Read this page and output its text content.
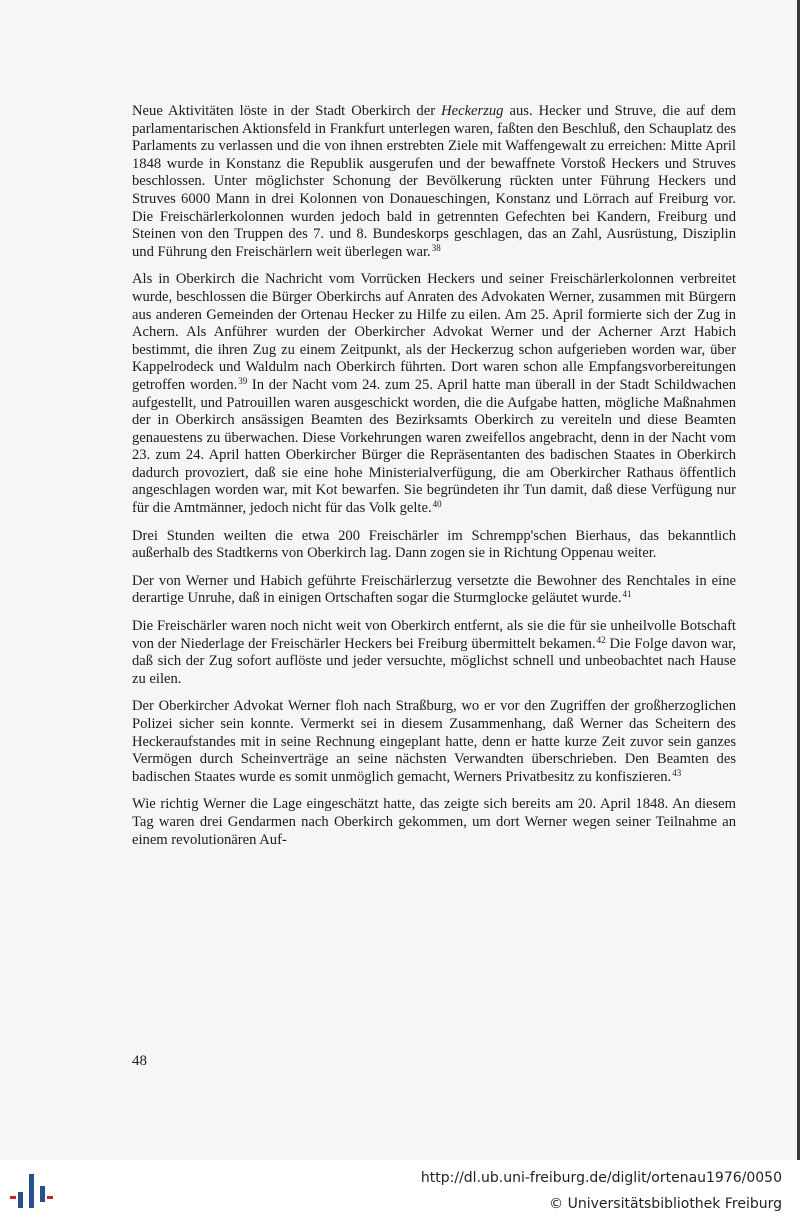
Neue Aktivitäten löste in der Stadt Oberkirch der Heckerzug aus. Hecker und Struve, die auf dem parlamentarischen Aktionsfeld in Frankfurt unterlegen waren, faßten den Beschluß, den Schauplatz des Parlaments zu verlassen und die von ihnen erstrebten Ziele mit Waffengewalt zu erreichen: Mitte April 1848 wurde in Konstanz die Republik ausgerufen und der bewaffnete Vorstoß Heckers und Struves beschlossen. Unter möglichster Schonung der Bevölkerung rückten unter Führung Heckers und Struves 6000 Mann in drei Kolonnen von Donaueschingen, Konstanz und Lörrach auf Freiburg vor. Die Freischärlerkolonnen wurden jedoch bald in getrennten Gefechten bei Kandern, Freiburg und Steinen von den Truppen des 7. und 8. Bundeskorps geschlagen, das an Zahl, Ausrüstung, Disziplin und Führung den Freischärlern weit überlegen war.$^{38}$

Als in Oberkirch die Nachricht vom Vorrücken Heckers und seiner Freischärlerkolonnen verbreitet wurde, beschlossen die Bürger Oberkirchs auf Anraten des Advokaten Werner, zusammen mit Bürgern aus anderen Gemeinden der Ortenau Hecker zu Hilfe zu eilen. Am 25. April formierte sich der Zug in Achern. Als Anführer wurden der Oberkircher Advokat Werner und der Acherner Arzt Habich bestimmt, die ihren Zug zu einem Zeitpunkt, als der Heckerzug schon aufgerieben worden war, über Kappelrodeck und Waldulm nach Oberkirch führten. Dort waren schon alle Empfangsvorbereitungen getroffen worden.$^{39}$ In der Nacht vom 24. zum 25. April hatte man überall in der Stadt Schildwachen aufgestellt, und Patrouillen waren ausgeschickt worden, die die Aufgabe hatten, mögliche Maßnahmen der in Oberkirch ansässigen Beamten des Bezirksamts Oberkirch zu vereiteln und diese Beamten genauestens zu überwachen. Diese Vorkehrungen waren zweifellos angebracht, denn in der Nacht vom 23. zum 24. April hatten Oberkircher Bürger die Repräsentanten des badischen Staates in Oberkirch dadurch provoziert, daß sie eine hohe Ministerialverfügung, die am Oberkircher Rathaus öffentlich angeschlagen worden war, mit Kot bewarfen. Sie begründeten ihr Tun damit, daß diese Verfügung nur für die Amtmänner, jedoch nicht für das Volk gelte.$^{40}$

Drei Stunden weilten die etwa 200 Freischärler im Schrempp'schen Bierhaus, das bekanntlich außerhalb des Stadtkerns von Oberkirch lag. Dann zogen sie in Richtung Oppenau weiter.

Der von Werner und Habich geführte Freischärlerzug versetzte die Bewohner des Renchtales in eine derartige Unruhe, daß in einigen Ortschaften sogar die Sturmglocke geläutet wurde.$^{41}$

Die Freischärler waren noch nicht weit von Oberkirch entfernt, als sie die für sie unheilvolle Botschaft von der Niederlage der Freischärler Heckers bei Freiburg übermittelt bekamen.$^{42}$ Die Folge davon war, daß sich der Zug sofort auflöste und jeder versuchte, möglichst schnell und unbeobachtet nach Hause zu eilen.

Der Oberkircher Advokat Werner floh nach Straßburg, wo er vor den Zugriffen der großherzoglichen Polizei sicher sein konnte. Vermerkt sei in diesem Zusammenhang, daß Werner das Scheitern des Heckeraufstandes mit in seine Rechnung eingeplant hatte, denn er hatte kurze Zeit zuvor sein ganzes Vermögen durch Scheinverträge an seine nächsten Verwandten überschrieben. Den Beamten des badischen Staates wurde es somit unmöglich gemacht, Werners Privatbesitz zu konfiszieren.$^{43}$

Wie richtig Werner die Lage eingeschätzt hatte, das zeigte sich bereits am 20. April 1848. An diesem Tag waren drei Gendarmen nach Oberkirch gekommen, um dort Werner wegen seiner Teilnahme an einem revolutionären Auf-

48
http://dl.ub.uni-freiburg.de/diglit/ortenau1976/0050
© Universitätsbibliothek Freiburg
